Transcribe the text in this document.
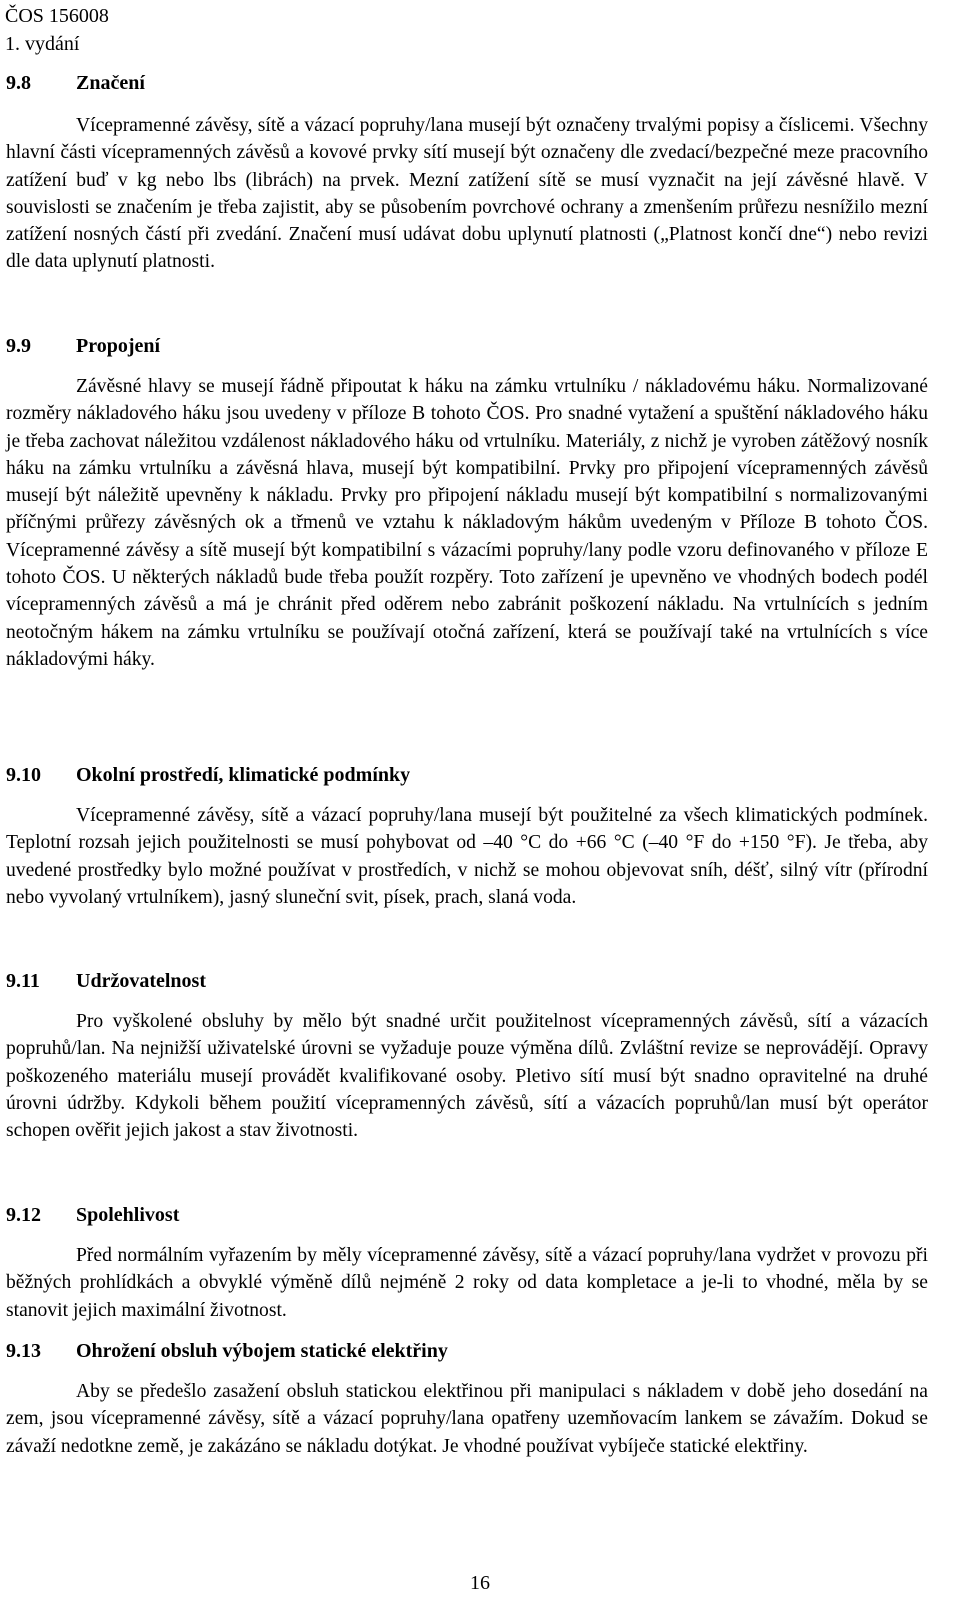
ČOS 156008
1. vydání
9.8	Značení

Vícepramenné závěsy, sítě a vázací popruhy/lana musejí být označeny trvalými popisy a číslicemi. Všechny hlavní části vícepramenných závěsů a kovové prvky sítí musejí být označeny dle zvedací/bezpečné meze pracovního zatížení buď v kg nebo lbs (librách) na prvek. Mezní zatížení sítě se musí vyznačit na její závěsné hlavě. V souvislosti se značením je třeba zajistit, aby se působením povrchové ochrany a zmenšením průřezu nesnížilo mezní zatížení nosných částí při zvedání. Značení musí udávat dobu uplynutí platnosti („Platnost končí dne“) nebo revizi dle data uplynutí platnosti.

9.9	Propojení

Závěsné hlavy se musejí řádně připoutat k háku na zámku vrtulníku / nákladovému háku. Normalizované rozměry nákladového háku jsou uvedeny v příloze B tohoto ČOS. Pro snadné vytažení a spuštění nákladového háku je třeba zachovat náležitou vzdálenost nákladového háku od vrtulníku. Materiály, z nichž je vyroben zátěžový nosník háku na zámku vrtulníku a závěsná hlava, musejí být kompatibilní. Prvky pro připojení vícepramenných závěsů musejí být náležitě upevněny k nákladu. Prvky pro připojení nákladu musejí být kompatibilní s normalizovanými příčnými průřezy závěsných ok a třmenů ve vztahu k nákladovým hákům uvedeným v Příloze B tohoto ČOS. Vícepramenné závěsy a sítě musejí být kompatibilní s vázacími popruhy/lany podle vzoru definovaného v příloze E tohoto ČOS. U některých nákladů bude třeba použít rozpěry. Toto zařízení je upevněno ve vhodných bodech podél vícepramenných závěsů a má je chránit před oděrem nebo zabránit poškození nákladu. Na vrtulnících s jedním neotočným hákem na zámku vrtulníku se používají otočná zařízení, která se používají také na vrtulnících s více nákladovými háky.

9.10	Okolní prostředí, klimatické podmínky

Vícepramenné závěsy, sítě a vázací popruhy/lana musejí být použitelné za všech klimatických podmínek. Teplotní rozsah jejich použitelnosti se musí pohybovat od –40 °C do +66 °C (–40 °F do +150 °F). Je třeba, aby uvedené prostředky bylo možné používat v prostředích, v nichž se mohou objevovat sníh, déšť, silný vítr (přírodní nebo vyvolaný vrtulníkem), jasný sluneční svit, písek, prach, slaná voda.

9.11	Udržovatelnost

Pro vyškolené obsluhy by mělo být snadné určit použitelnost vícepramenných závěsů, sítí a vázacích popruhů/lan. Na nejnižší uživatelské úrovni se vyžaduje pouze výměna dílů. Zvláštní revize se neprovádějí. Opravy poškozeného materiálu musejí provádět kvalifikované osoby. Pletivo sítí musí být snadno opravitelné na druhé úrovni údržby. Kdykoli během použití vícepramenných závěsů, sítí a vázacích popruhů/lan musí být operátor schopen ověřit jejich jakost a stav životnosti.

9.12	Spolehlivost

Před normálním vyřazením by měly vícepramenné závěsy, sítě a vázací popruhy/lana vydržet v provozu při běžných prohlídkách a obvyklé výměně dílů nejméně 2 roky od data kompletace a je-li to vhodné, měla by se stanovit jejich maximální životnost.

9.13	Ohrožení obsluh výbojem statické elektřiny

Aby se předešlo zasažení obsluh statickou elektřinou při manipulaci s nákladem v době jeho dosedání na zem, jsou vícepramenné závěsy, sítě a vázací popruhy/lana opatřeny uzemňovacím lankem se závažím. Dokud se závaží nedotkne země, je zakázáno se nákladu dotýkat. Je vhodné používat vybíječe statické elektřiny.

16
